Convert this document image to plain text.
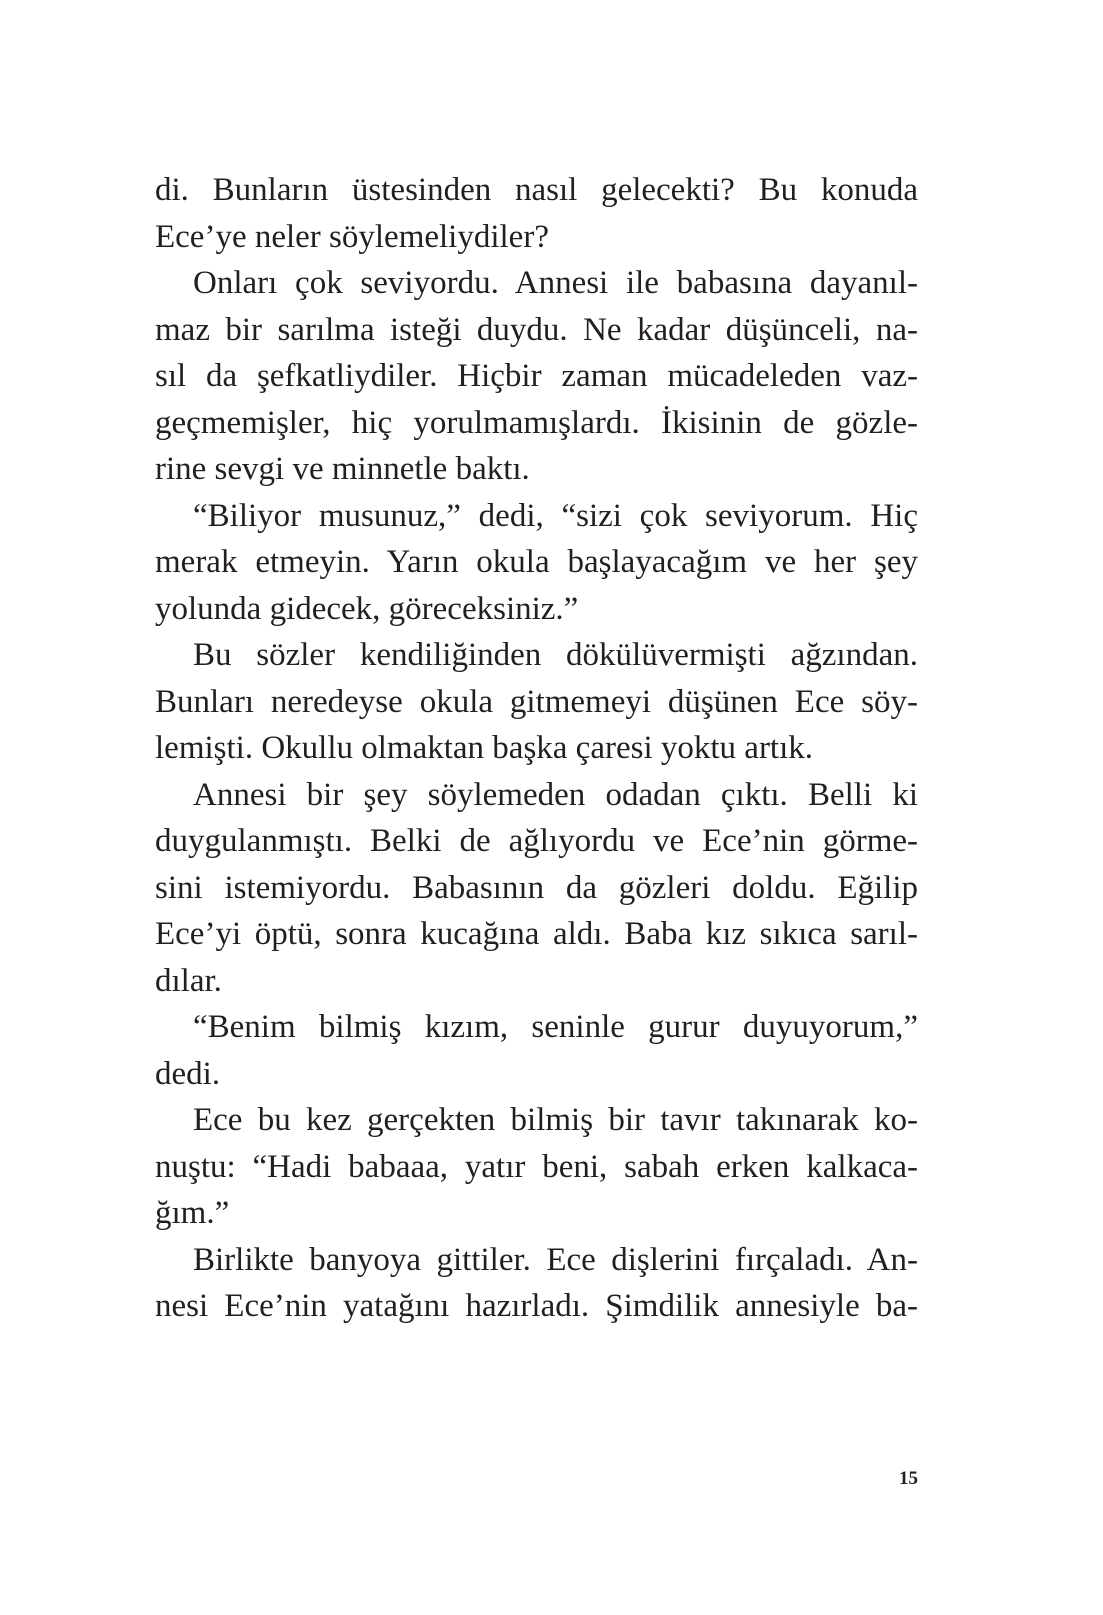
di. Bunların üstesinden nasıl gelecekti? Bu konuda
Ece’ye neler söylemeliydiler?
Onları çok seviyordu. Annesi ile babasına dayanıl-
maz bir sarılma isteği duydu. Ne kadar düşünceli, na-
sıl da şefkatliydiler. Hiçbir zaman mücadeleden vaz-
geçmemişler, hiç yorulmamışlardı. İkisinin de gözle-
rine sevgi ve minnetle baktı.
“Biliyor musunuz,” dedi, “sizi çok seviyorum. Hiç
merak etmeyin. Yarın okula başlayacağım ve her şey
yolunda gidecek, göreceksiniz.”
Bu sözler kendiliğinden dökülüvermişti ağzından.
Bunları neredeyse okula gitmemeyi düşünen Ece söy-
lemişti. Okullu olmaktan başka çaresi yoktu artık.
Annesi bir şey söylemeden odadan çıktı. Belli ki
duygulanmıştı. Belki de ağlıyordu ve Ece’nin görme-
sini istemiyordu. Babasının da gözleri doldu. Eğilip
Ece’yi öptü, sonra kucağına aldı. Baba kız sıkıca sarıl-
dılar.
“Benim bilmiş kızım, seninle gurur duyuyorum,”
dedi.
Ece bu kez gerçekten bilmiş bir tavır takınarak ko-
nuştu: “Hadi babaaa, yatır beni, sabah erken kalkaca-
ğım.”
Birlikte banyoya gittiler. Ece dişlerini fırçaladı. An-
nesi Ece’nin yatağını hazırladı. Şimdilik annesiyle ba-
15
